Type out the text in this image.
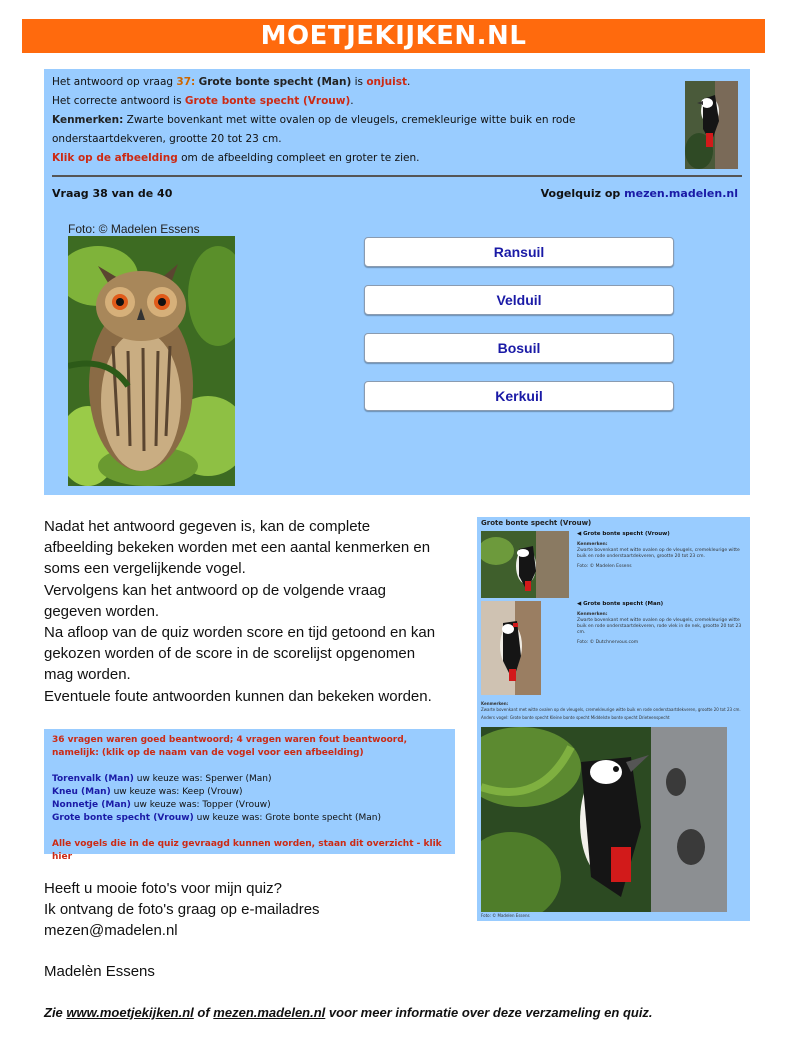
MOETJEKIJKEN.NL
Het antwoord op vraag 37: Grote bonte specht (Man) is onjuist.
Het correcte antwoord is Grote bonte specht (Vrouw).
Kenmerken: Zwarte bovenkant met witte ovalen op de vleugels, cremekleurige witte buik en rode onderstaartdekveren, grootte 20 tot 23 cm.
Klik op de afbeelding om de afbeelding compleet en groter te zien.
Vraag 38 van de 40	Vogelquiz op mezen.madelen.nl
Foto: © Madelen Essens
Ransuil
Velduil
Bosuil
Kerkuil
Nadat het antwoord gegeven is, kan de complete
afbeelding bekeken worden met een aantal kenmerken en
soms een vergelijkende vogel.
Vervolgens kan het antwoord op de volgende vraag
gegeven worden.
Na afloop van de quiz worden score en tijd getoond en kan
gekozen worden of de score in de scorelijst opgenomen
mag worden.
Eventuele foute antwoorden kunnen dan bekeken worden.
36 vragen waren goed beantwoord; 4 vragen waren fout beantwoord, namelijk: (klik op de naam van de vogel voor een afbeelding)
Torenvalk (Man) uw keuze was: Sperwer (Man)
Kneu (Man) uw keuze was: Keep (Vrouw)
Nonnetje (Man) uw keuze was: Topper (Vrouw)
Grote bonte specht (Vrouw) uw keuze was: Grote bonte specht (Man)
Alle vogels die in de quiz gevraagd kunnen worden, staan dit overzicht - klik hier
Heeft u mooie foto's voor mijn quiz?
Ik ontvang de foto's graag op e-mailadres
mezen@madelen.nl
Madelèn Essens
Zie www.moetjekijken.nl of mezen.madelen.nl voor meer informatie over deze verzameling en quiz.
Grote bonte specht (Vrouw)
◀ Grote bonte specht (Vrouw)
Kenmerken:
Zwarte bovenkant met witte ovalen op de vleugels, cremekleurige witte buik en rode onderstaartdekveren, grootte 20 tot 23 cm.
Foto: © Madelen Essens
◀ Grote bonte specht (Man)
Kenmerken:
Zwarte bovenkant met witte ovalen op de vleugels, cremekleurige witte buik en rode onderstaartdekveren, rode vlek in de nek, grootte 20 tot 23 cm.
Foto: © Dutchnervous.com
Kenmerken:
Zwarte bovenkant met witte ovalen op de vleugels, cremekleurige witte buik en rode onderstaartdekveren, grootte 20 tot 23 cm.
Anders vogel: Grote bonte specht Kleine bonte specht Middelste bonte specht Drieteenspecht
Foto: © Madelen Essens
